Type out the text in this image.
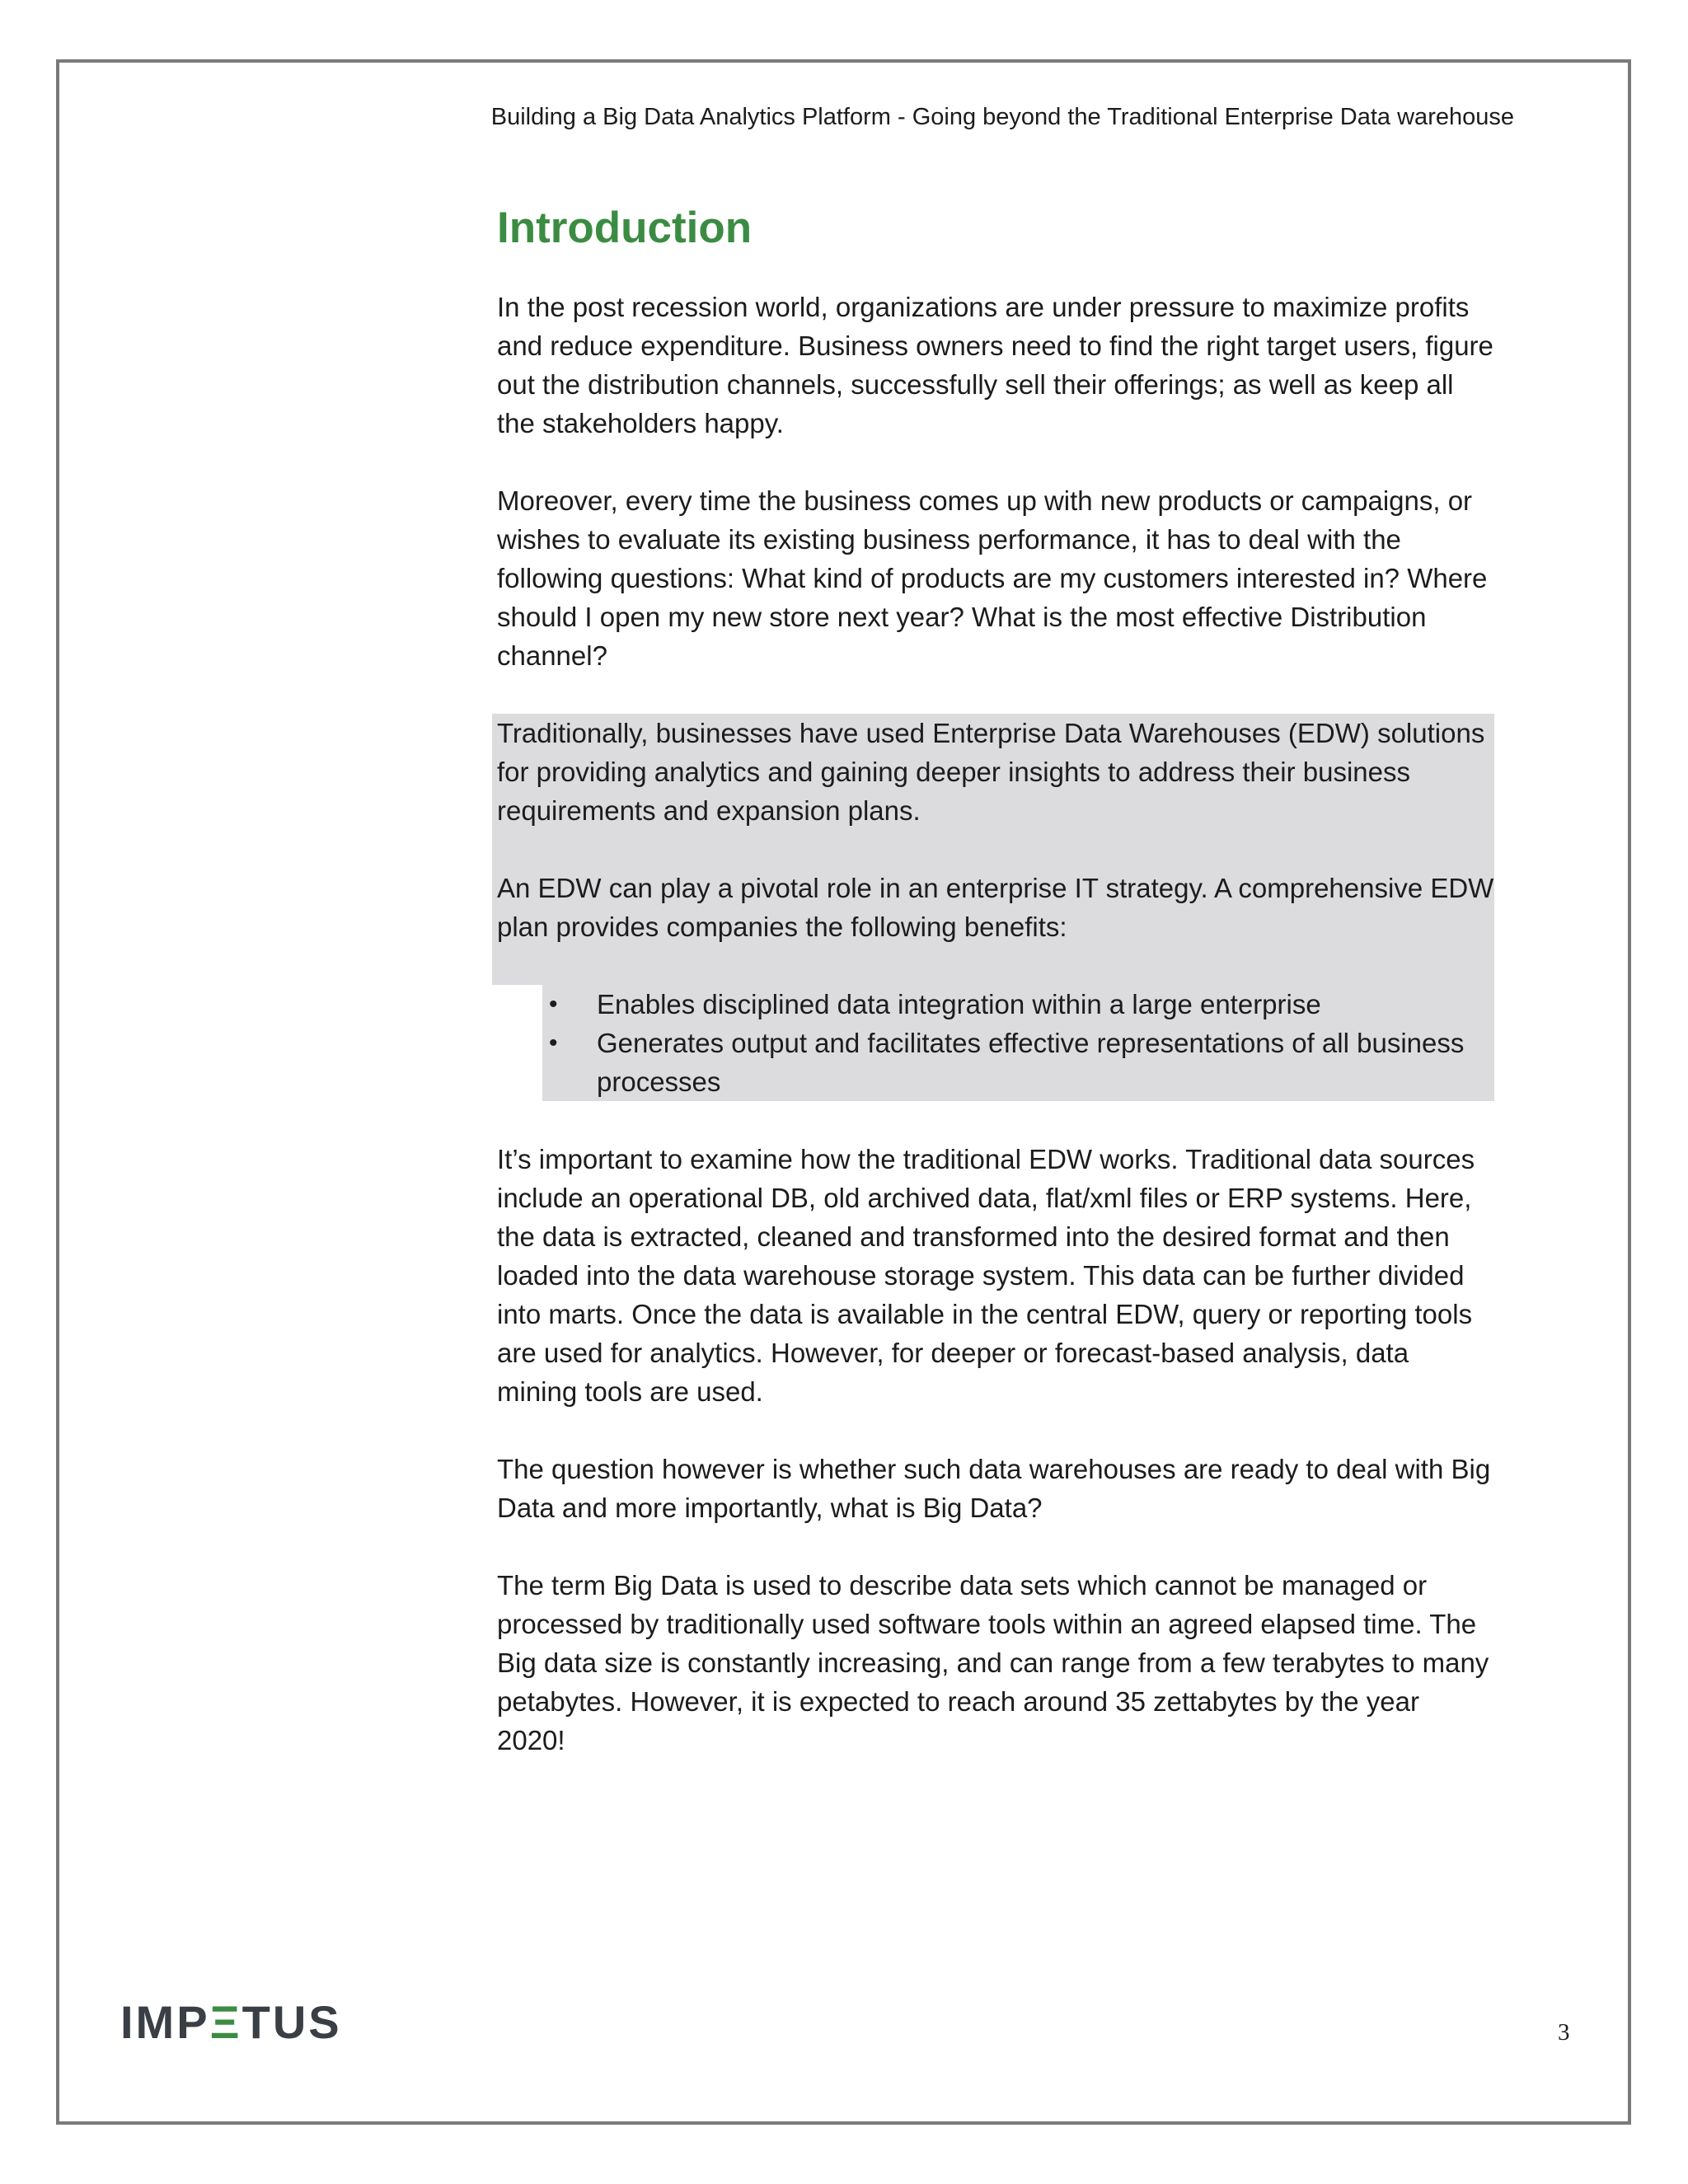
Building a Big Data Analytics Platform - Going beyond the Traditional Enterprise Data warehouse
Introduction

In the post recession world, organizations are under pressure to maximize profits and reduce expenditure. Business owners need to find the right target users, figure out the distribution channels, successfully sell their offerings; as well as keep all the stakeholders happy.

Moreover, every time the business comes up with new products or campaigns, or wishes to evaluate its existing business performance, it has to deal with the following questions: What kind of products are my customers interested in? Where should I open my new store next year? What is the most effective Distribution channel?

Traditionally, businesses have used Enterprise Data Warehouses (EDW) solutions for providing analytics and gaining deeper insights to address their business requirements and expansion plans.

An EDW can play a pivotal role in an enterprise IT strategy. A comprehensive EDW plan provides companies the following benefits:

• Enables disciplined data integration within a large enterprise
• Generates output and facilitates effective representations of all business processes

It’s important to examine how the traditional EDW works. Traditional data sources include an operational DB, old archived data, flat/xml files or ERP systems. Here, the data is extracted, cleaned and transformed into the desired format and then loaded into the data warehouse storage system. This data can be further divided into marts. Once the data is available in the central EDW, query or reporting tools are used for analytics. However, for deeper or forecast-based analysis, data mining tools are used.

The question however is whether such data warehouses are ready to deal with Big Data and more importantly, what is Big Data?

The term Big Data is used to describe data sets which cannot be managed or processed by traditionally used software tools within an agreed elapsed time. The Big data size is constantly increasing, and can range from a few terabytes to many petabytes. However, it is expected to reach around 35 zettabytes by the year 2020!

IMPΞTUS	3
